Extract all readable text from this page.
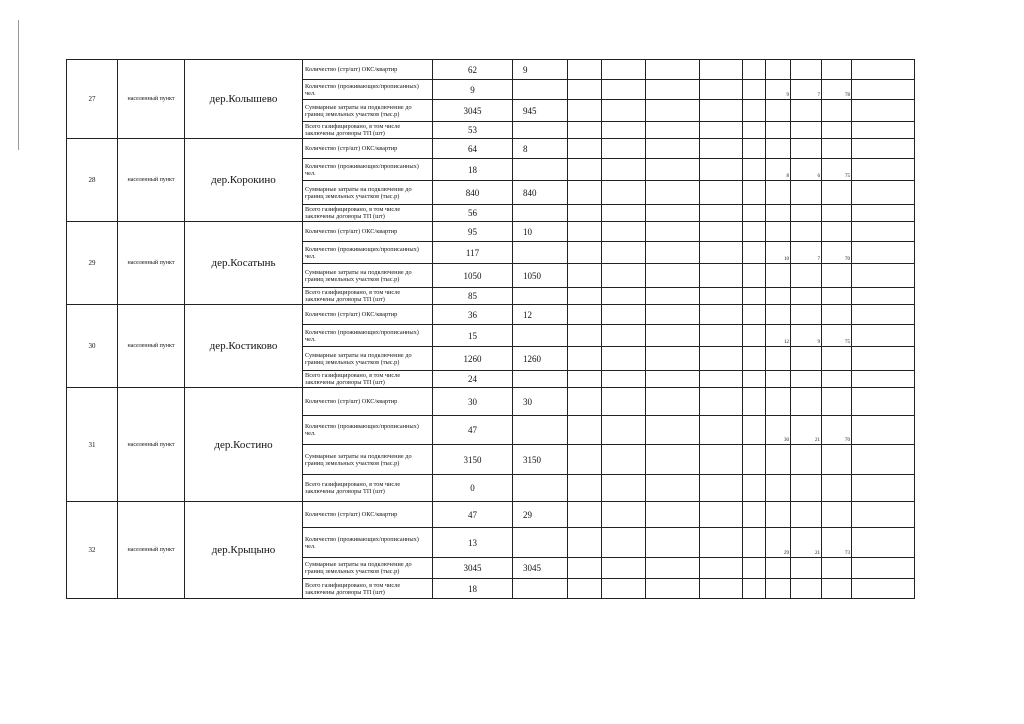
27	населенный пункт	дер.Колышево	Количество (стр/шт) ОКС/квартир	62	9									
			Количество (проживающих/прописанных) чел.	9							9	7	78	
			Суммарные затраты на подключение до границ земельных участков (тыс.р)	3045	945									
			Всего газифицировано, в том числе заключены договоры ТП (шт)	53										
28	населенный пункт	дер.Корокино	Количество (стр/шт) ОКС/квартир	64	8									
			Количество (проживающих/прописанных) чел.	18							8	6	75	
			Суммарные затраты на подключение до границ земельных участков (тыс.р)	840	840									
			Всего газифицировано, в том числе заключены договоры ТП (шт)	56										
29	населенный пункт	дер.Косатынь	Количество (стр/шт) ОКС/квартир	95	10									
			Количество (проживающих/прописанных) чел.	117							10	7	70	
			Суммарные затраты на подключение до границ земельных участков (тыс.р)	1050	1050									
			Всего газифицировано, в том числе заключены договоры ТП (шт)	85										
30	населенный пункт	дер.Костиково	Количество (стр/шт) ОКС/квартир	36	12									
			Количество (проживающих/прописанных) чел.	15							12	9	75	
			Суммарные затраты на подключение до границ земельных участков (тыс.р)	1260	1260									
			Всего газифицировано, в том числе заключены договоры ТП (шт)	24										
31	населенный пункт	дер.Костино	Количество (стр/шт) ОКС/квартир	30	30									
			Количество (проживающих/прописанных) чел.	47							30	21	70	
			Суммарные затраты на подключение до границ земельных участков (тыс.р)	3150	3150									
			Всего газифицировано, в том числе заключены договоры ТП (шт)	0										
32	населенный пункт	дер.Крыцыно	Количество (стр/шт) ОКС/квартир	47	29									
			Количество (проживающих/прописанных) чел.	13							29	21	73	
			Суммарные затраты на подключение до границ земельных участков (тыс.р)	3045	3045									
			Всего газифицировано, в том числе заключены договоры ТП (шт)	18										
